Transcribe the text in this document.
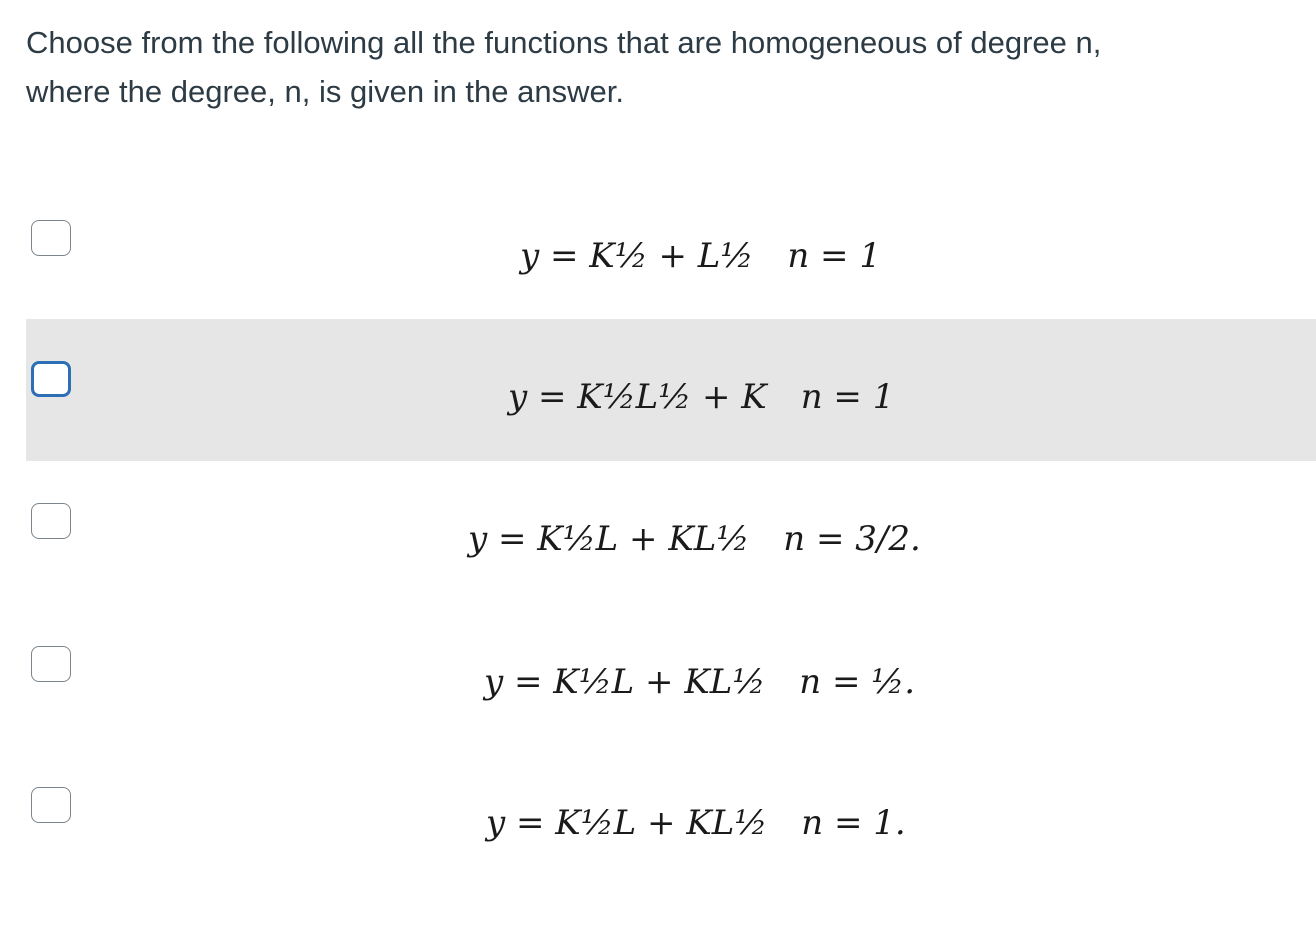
Choose from the following all the functions that are homogeneous of degree n,

where the degree, n, is given in the answer.

y = K½ + L½ n = 1
y = K½L½ + K n = 1
y = K½L + KL½ n = 3/2.
y = K½L + KL½ n = ½.
y = K½L + KL½ n = 1.
